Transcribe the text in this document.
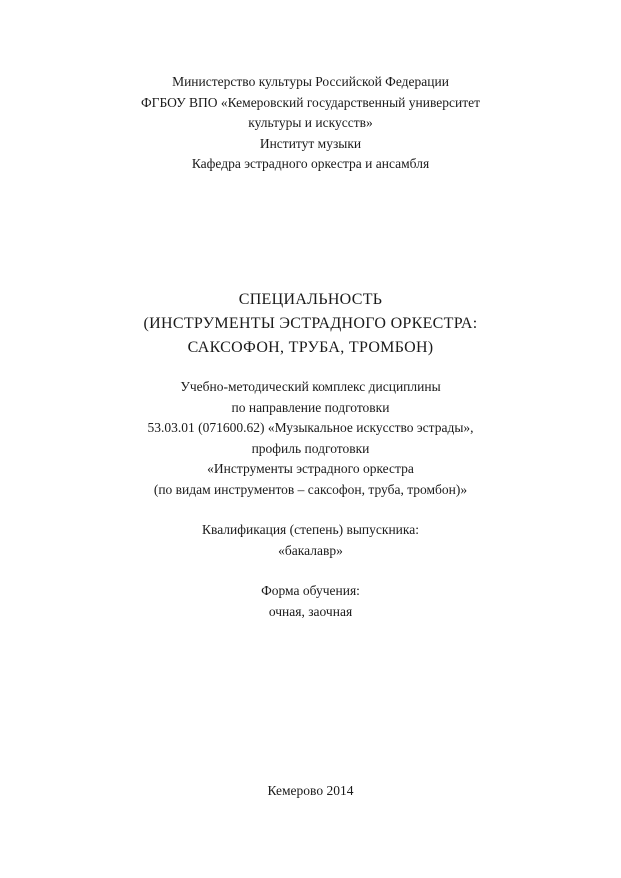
Министерство культуры Российской Федерации
ФГБОУ ВПО «Кемеровский государственный университет
культуры и искусств»
Институт музыки
Кафедра эстрадного оркестра и ансамбля
СПЕЦИАЛЬНОСТЬ
(ИНСТРУМЕНТЫ ЭСТРАДНОГО ОРКЕСТРА:
САКСОФОН, ТРУБА, ТРОМБОН)
Учебно-методический комплекс дисциплины
по направление подготовки
53.03.01 (071600.62) «Музыкальное искусство эстрады»,
профиль подготовки
«Инструменты эстрадного оркестра
(по видам инструментов – саксофон, труба, тромбон)»
Квалификация (степень) выпускника:
«бакалавр»
Форма обучения:
очная, заочная
Кемерово 2014
